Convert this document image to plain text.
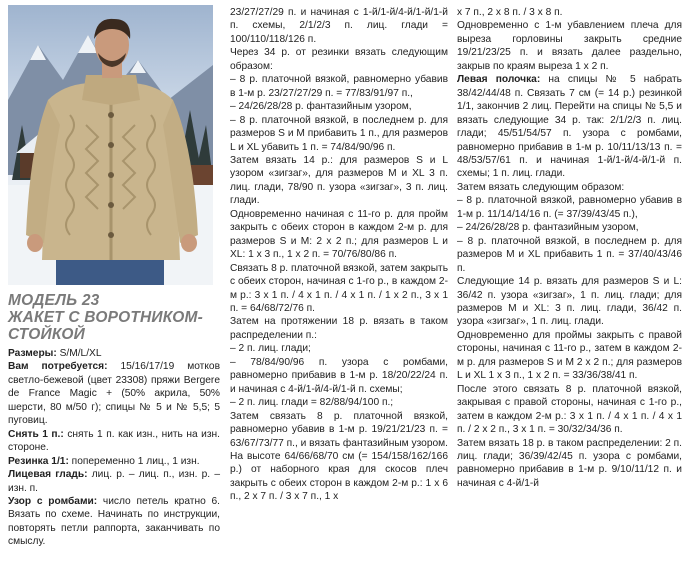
МОДЕЛЬ 23
ЖАКЕТ С ВОРОТНИКОМ-
СТОЙКОЙ

Размеры: S/M/L/XL

Вам потребуется: 15/16/17/19 мотков светло-бежевой (цвет 23308) пряжи Bergere de France Magic + (50% акрила, 50% шерсти, 80 м/50 г); спицы № 5 и № 5,5; 5 пуговиц.

Снять 1 п.: снять 1 п. как изн., нить на изн. стороне.

Резинка 1/1: попеременно 1 лиц., 1 изн.

Лицевая гладь: лиц. р. – лиц. п., изн. р. – изн. п.

Узор с ромбами: число петель кратно 6. Вязать по схеме. Начинать по инструкции, повторять петли раппорта, заканчивать по смыслу.

23/27/27/29 п. и начиная с 1-й/1-й/4-й/1-й/1-й п. схемы, 2/1/2/3 п. лиц. глади = 100/110/118/126 п.

Через 34 р. от резинки вязать следующим образом:

– 8 р. платочной вязкой, равномерно убавив в 1-м р. 23/27/27/29 п. = 77/83/91/97 п.,

– 24/26/28/28 р. фантазийным узором,

– 8 р. платочной вязкой, в последнем р. для размеров S и M прибавить 1 п., для размеров L и XL убавить 1 п. = 74/84/90/96 п.

Затем вязать 14 р.: для размеров S и L узором «зигзаг», для размеров M и XL 3 п. лиц. глади, 78/90 п. узора «зигзаг», 3 п. лиц. глади.

Одновременно начиная с 11-го р. для пройм закрыть с обеих сторон в каждом 2-м р. для размеров S и M: 2 x 2 п.; для размеров L и XL: 1 x 3 п., 1 x 2 п. = 70/76/80/86 п.

Связать 8 р. платочной вязкой, затем закрыть с обеих сторон, начиная с 1-го р., в каждом 2-м р.: 3 x 1 п. / 4 x 1 п. / 4 x 1 п. / 1 x 2 п., 3 x 1 п. = 64/68/72/76 п.

Затем на протяжении 18 р. вязать в таком распределении п.:

– 2 п. лиц. глади;

– 78/84/90/96 п. узора с ромбами, равномерно прибавив в 1-м р. 18/20/22/24 п. и начиная с 4-й/1-й/4-й/1-й п. схемы;

– 2 п. лиц. глади = 82/88/94/100 п.;

Затем связать 8 р. платочной вязкой, равномерно убавив в 1-м р. 19/21/21/23 п. = 63/67/73/77 п., и вязать фантазийным узором.

На высоте 64/66/68/70 см (= 154/158/162/166 р.) от наборного края для скосов плеч закрыть с обеих сторон в каждом 2-м р.: 1 x 6 п., 2 x 7 п. / 3 x 7 п., 1 x

x 7 п., 2 x 8 п. / 3 x 8 п.

Одновременно с 1-м убавлением плеча для выреза горловины закрыть средние 19/21/23/25 п. и вязать далее раздельно, закрыв по краям выреза 1 x 2 п.

Левая полочка: на спицы № 5 набрать 38/42/44/48 п. Связать 7 см (= 14 р.) резинкой 1/1, закончив 2 лиц. Перейти на спицы № 5,5 и вязать следующие 34 р. так: 2/1/2/3 п. лиц. глади; 45/51/54/57 п. узора с ромбами, равномерно прибавив в 1-м р. 10/11/13/13 п. = 48/53/57/61 п. и начиная 1-й/1-й/4-й/1-й п. схемы; 1 п. лиц. глади.

Затем вязать следующим образом:

– 8 р. платочной вязкой, равномерно убавив в 1-м р. 11/14/14/16 п. (= 37/39/43/45 п.),

– 24/26/28/28 р. фантазийным узором,

– 8 р. платочной вязкой, в последнем р. для размеров M и XL прибавить 1 п. = 37/40/43/46 п.

Следующие 14 р. вязать для размеров S и L: 36/42 п. узора «зигзаг», 1 п. лиц. глади; для размеров M и XL: 3 п. лиц. глади, 36/42 п. узора «зигзаг», 1 п. лиц. глади.

Одновременно для проймы закрыть с правой стороны, начиная с 11-го р., затем в каждом 2-м р. для размеров S и M 2 x 2 п.; для размеров L и XL 1 x 3 п., 1 x 2 п. = 33/36/38/41 п.

После этого связать 8 р. платочной вязкой, закрывая с правой стороны, начиная с 1-го р., затем в каждом 2-м р.: 3 x 1 п. / 4 x 1 п. / 4 x 1 п. / 2 x 2 п., 3 x 1 п. = 30/32/34/36 п.

Затем вязать 18 р. в таком распределении: 2 п. лиц. глади; 36/39/42/45 п. узора с ромбами, равномерно прибавив в 1-м р. 9/10/11/12 п. и начиная с 4-й/1-й
